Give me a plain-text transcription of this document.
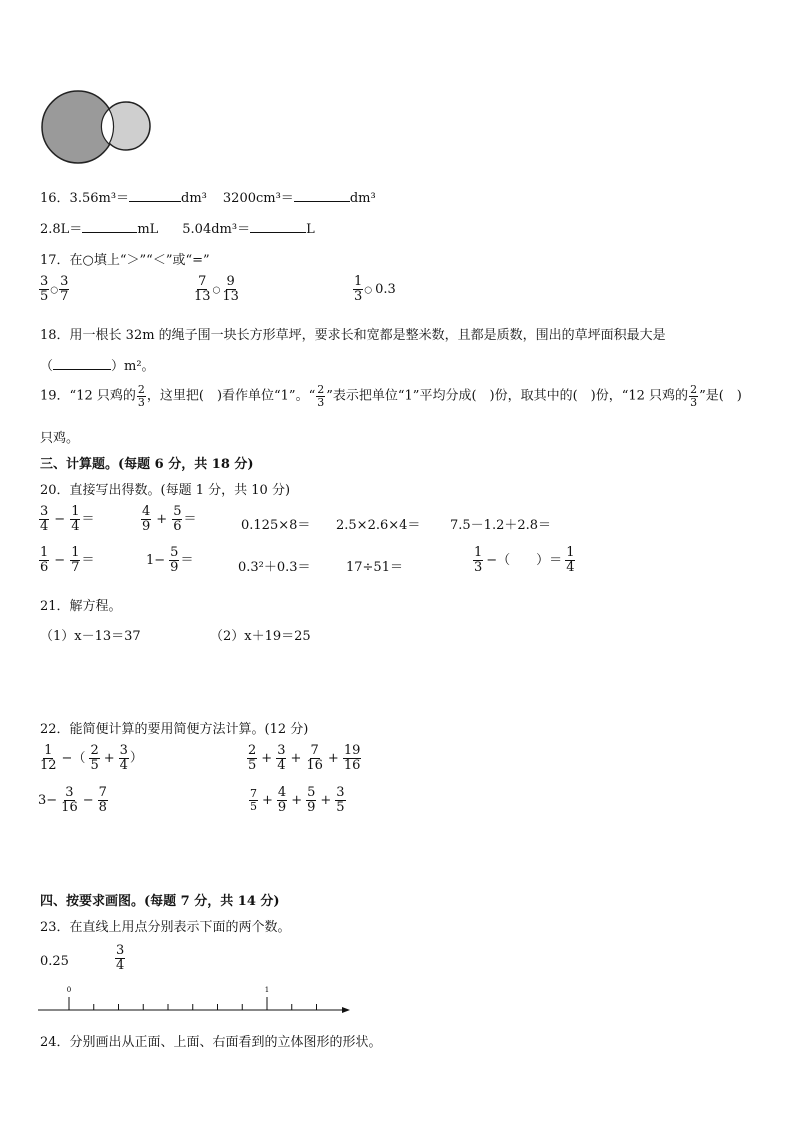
16．3.56m³＝	dm³ 3200cm³＝	dm³
2.8L＝	mL 5.04dm³＝	L
17．在○填上“＞”“＜”或“=”
$\frac{3}{5}$ ○ $\frac{3}{7}$	$\frac{7}{13}$ ○ $\frac{9}{13}$	$\frac{1}{3}$ ○ 0.3
18．用一根长 32m 的绳子围一块长方形草坪，要求长和宽都是整米数，且都是质数，围出的草坪面积最大是
（	）m²。
19．“12 只鸡的 $\frac{2}{3}$ ，这里把(　)看作单位“1”。“ $\frac{2}{3}$ ”表示把单位“1”平均分成(　)份，取其中的(　)份，“12 只鸡的 $\frac{2}{3}$ ”是(　)
只鸡。
三、计算题。(每题 6 分，共 18 分)
20．直接写出得数。(每题 1 分，共 10 分)
$\frac{3}{4} - \frac{1}{4}$ ＝	$\frac{4}{9} + \frac{5}{6}$ ＝	0.125×8＝ 2.5×2.6×4＝ 7.5－1.2＋2.8＝
$\frac{1}{6} - \frac{1}{7}$ ＝	$1- \frac{5}{9}$ ＝	0.3²＋0.3＝	17÷51＝	$\frac{1}{3}$ −（　　）＝ $\frac{1}{4}$
21．解方程。
（1）x－13＝37	（2）x＋19＝25
22．能简便计算的要用简便方法计算。(12 分)
$\frac{1}{12}$ −（ $\frac{2}{5} + \frac{3}{4}$ ）	$\frac{2}{5} + \frac{3}{4} + \frac{7}{16} + \frac{19}{16}$
$3- \frac{3}{16} - \frac{7}{8}$	$\frac{7}{5} + \frac{4}{9} + \frac{5}{9} + \frac{3}{5}$
四、按要求画图。(每题 7 分，共 14 分)
23．在直线上用点分别表示下面的两个数。
0.25	$\frac{3}{4}$
0	1
24．分别画出从正面、上面、右面看到的立体图形的形状。
